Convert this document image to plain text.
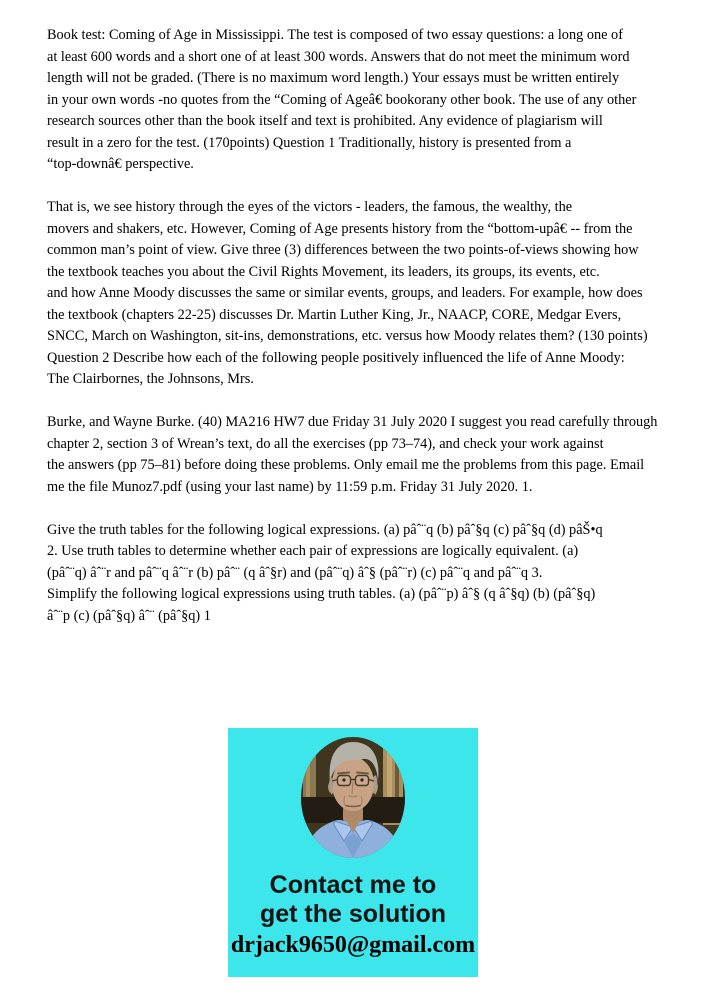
Book test: Coming of Age in Mississippi. The test is composed of two essay questions: a long one of
at least 600 words and a short one of at least 300 words. Answers that do not meet the minimum word
length will not be graded. (There is no maximum word length.) Your essays must be written entirely
in your own words -no quotes from the “Coming of Ageâ€ bookorany other book. The use of any other
research sources other than the book itself and text is prohibited. Any evidence of plagiarism will
result in a zero for the test. (170points) Question 1 Traditionally, history is presented from a
“top-downâ€ perspective.
That is, we see history through the eyes of the victors - leaders, the famous, the wealthy, the
movers and shakers, etc. However, Coming of Age presents history from the “bottom-upâ€ -- from the
common man’s point of view. Give three (3) differences between the two points-of-views showing how
the textbook teaches you about the Civil Rights Movement, its leaders, its groups, its events, etc.
and how Anne Moody discusses the same or similar events, groups, and leaders. For example, how does
the textbook (chapters 22-25) discusses Dr. Martin Luther King, Jr., NAACP, CORE, Medgar Evers,
SNCC, March on Washington, sit-ins, demonstrations, etc. versus how Moody relates them? (130 points)
Question 2 Describe how each of the following people positively influenced the life of Anne Moody:
The Clairbornes, the Johnsons, Mrs.
Burke, and Wayne Burke. (40) MA216 HW7 due Friday 31 July 2020 I suggest you read carefully through
chapter 2, section 3 of Wrean’s text, do all the exercises (pp 73–74), and check your work against
the answers (pp 75–81) before doing these problems. Only email me the problems from this page. Email
me the file Munoz7.pdf (using your last name) by 11:59 p.m. Friday 31 July 2020. 1.
Give the truth tables for the following logical expressions. (a) pâˆ¨q (b) pâˆ§q (c) pâˆ§q (d) pâŠ•q
2. Use truth tables to determine whether each pair of expressions are logically equivalent. (a)
(pâˆ¨q) âˆ¨r and pâˆ¨q âˆ¨r (b) pâˆ¨ (q âˆ§r) and (pâˆ¨q) âˆ§ (pâˆ¨r) (c) pâˆ¨q and pâˆ¨q 3.
Simplify the following logical expressions using truth tables. (a) (pâˆ¨p) âˆ§ (q âˆ§q) (b) (pâˆ§q)
âˆ¨p (c) (pâˆ§q) âˆ¨ (pâˆ§q) 1
Contact me to
get the solution
drjack9650@gmail.com
